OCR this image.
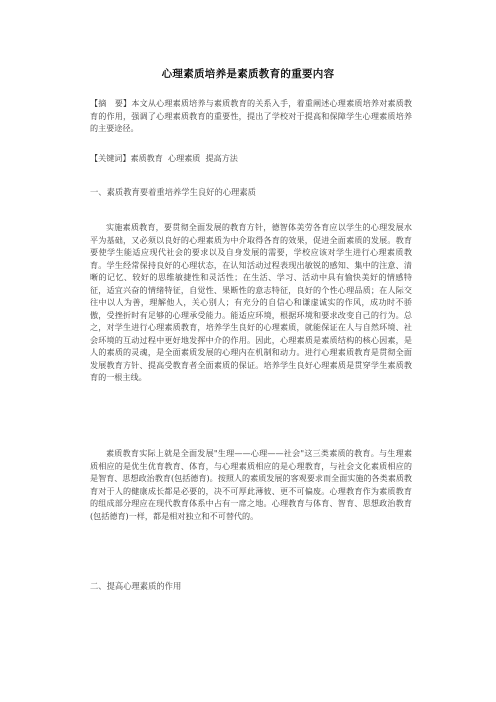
心理素质培养是素质教育的重要内容
【摘　要】本文从心理素质培养与素质教育的关系入手，着重阐述心理素质培养对素质教育的作用，强调了心理素质教育的重要性，提出了学校对于提高和保障学生心理素质培养的主要途径。
【关键词】素质教育  心理素质  提高方法
一、素质教育要着重培养学生良好的心理素质
实施素质教育，要贯彻全面发展的教育方针，德智体美劳各育应以学生的心理发展水平为基础，又必须以良好的心理素质为中介取得各育的效果，促进全面素质的发展。教育要使学生能适应现代社会的要求以及自身发展的需要，学校应该对学生进行心理素质教育。学生经常保持良好的心理状态，在认知活动过程表现出敏锐的感知、集中的注意、清晰的记忆、较好的思维敏捷性和灵活性；在生活、学习、活动中具有愉快美好的情感特征，适宜兴奋的情绪特征，自觉性、果断性的意志特征，良好的个性心理品质；在人际交往中以人为善，理解他人，关心别人；有充分的自信心和谦虚诚实的作风，成功时不骄傲，受挫折时有足够的心理承受能力。能适应环境，根据环境和要求改变自己的行为。总之，对学生进行心理素质教育，培养学生良好的心理素质，就能保证在人与自然环境、社会环境的互动过程中更好地发挥中介的作用。因此，心理素质是素质结构的核心因素，是人的素质的灵魂，是全面素质发展的心理内在机制和动力。进行心理素质教育是贯彻全面发展教育方针、提高受教育者全面素质的保证。培养学生良好心理素质是贯穿学生素质教育的一根主线。
素质教育实际上就是全面发展"生理——心理——社会"这三类素质的教育。与生理素质相应的是优生优育教育、体育，与心理素质相应的是心理教育，与社会文化素质相应的是智育、思想政治教育(包括德育)。按照人的素质发展的客观要求而全面实施的各类素质教育对于人的健康成长都是必要的，决不可厚此薄彼、更不可偏废。心理教育作为素质教育的组成部分理应在现代教育体系中占有一席之地。心理教育与体育、智育、思想政治教育(包括德育)一样，都是相对独立和不可替代的。
二、提高心理素质的作用
